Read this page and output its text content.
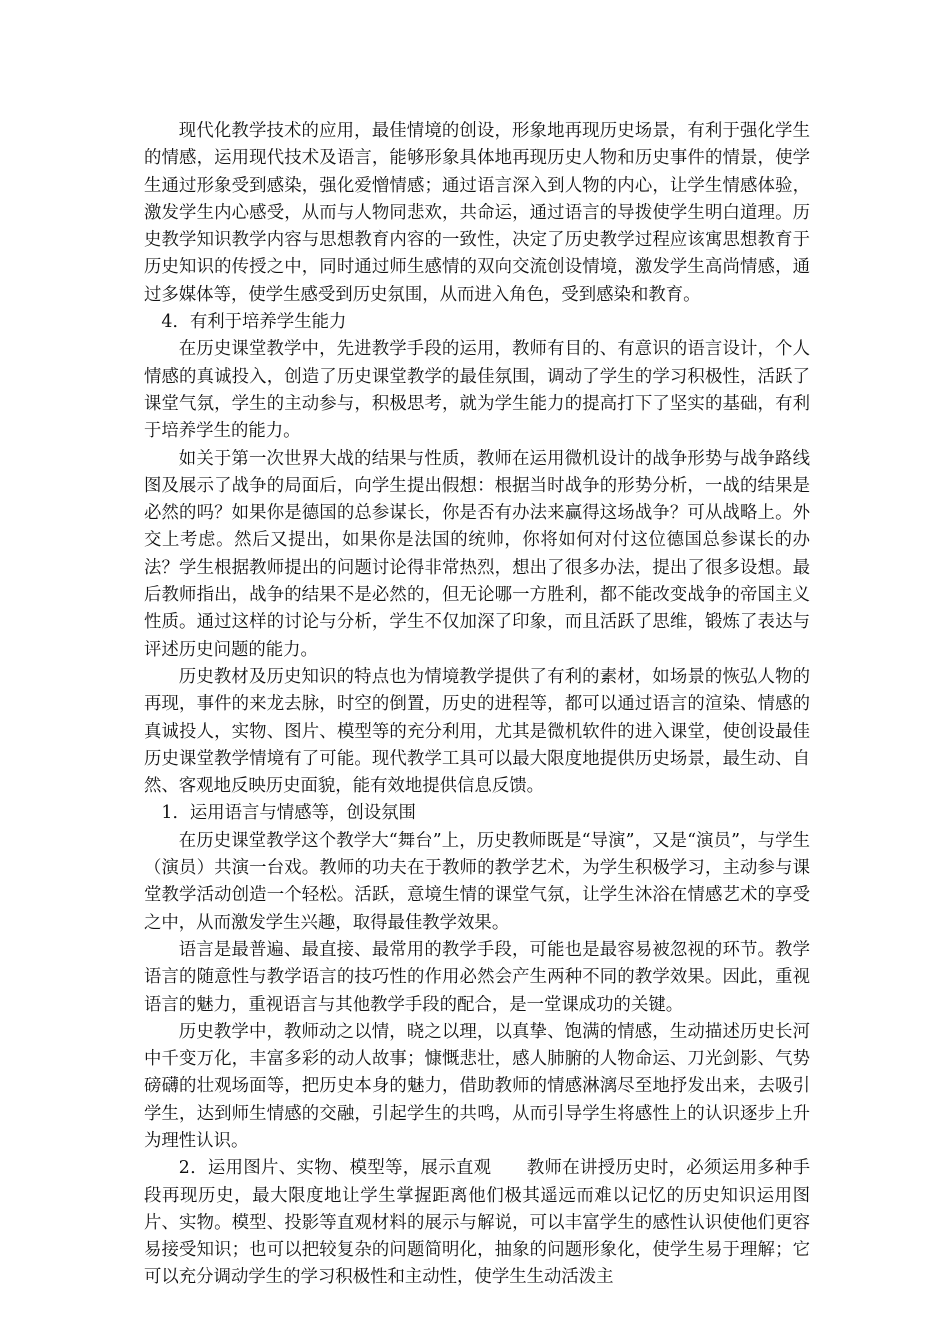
现代化教学技术的应用，最佳情境的创设，形象地再现历史场景，有利于强化学生的情感，运用现代技术及语言，能够形象具体地再现历史人物和历史事件的情景，使学生通过形象受到感染，强化爱憎情感；通过语言深入到人物的内心，让学生情感体验，激发学生内心感受，从而与人物同悲欢，共命运，通过语言的导拨使学生明白道理。历史教学知识教学内容与思想教育内容的一致性，决定了历史教学过程应该寓思想教育于历史知识的传授之中，同时通过师生感情的双向交流创设情境，激发学生高尚情感，通过多媒体等，使学生感受到历史氛围，从而进入角色，受到感染和教育。

4．有利于培养学生能力

在历史课堂教学中，先进教学手段的运用，教师有目的、有意识的语言设计，个人情感的真诚投入，创造了历史课堂教学的最佳氛围，调动了学生的学习积极性，活跃了课堂气氛，学生的主动参与，积极思考，就为学生能力的提高打下了坚实的基础，有利于培养学生的能力。

如关于第一次世界大战的结果与性质，教师在运用微机设计的战争形势与战争路线图及展示了战争的局面后，向学生提出假想：根据当时战争的形势分析，一战的结果是必然的吗？如果你是德国的总参谋长，你是否有办法来赢得这场战争？可从战略上。外交上考虑。然后又提出，如果你是法国的统帅，你将如何对付这位德国总参谋长的办法？学生根据教师提出的问题讨论得非常热烈，想出了很多办法，提出了很多设想。最后教师指出，战争的结果不是必然的，但无论哪一方胜利，都不能改变战争的帝国主义性质。通过这样的讨论与分析，学生不仅加深了印象，而且活跃了思维，锻炼了表达与评述历史问题的能力。

历史教材及历史知识的特点也为情境教学提供了有利的素材，如场景的恢弘人物的再现，事件的来龙去脉，时空的倒置，历史的进程等，都可以通过语言的渲染、情感的真诚投人，实物、图片、模型等的充分利用，尤其是微机软件的进入课堂，使创设最佳历史课堂教学情境有了可能。现代教学工具可以最大限度地提供历史场景，最生动、自然、客观地反映历史面貌，能有效地提供信息反馈。

1．运用语言与情感等，创设氛围

在历史课堂教学这个教学大“舞台”上，历史教师既是“导演”，又是“演员”，与学生（演员）共演一台戏。教师的功夫在于教师的教学艺术，为学生积极学习，主动参与课堂教学活动创造一个轻松。活跃，意境生情的课堂气氛，让学生沐浴在情感艺术的享受之中，从而激发学生兴趣，取得最佳教学效果。

语言是最普遍、最直接、最常用的教学手段，可能也是最容易被忽视的环节。教学语言的随意性与教学语言的技巧性的作用必然会产生两种不同的教学效果。因此，重视语言的魅力，重视语言与其他教学手段的配合，是一堂课成功的关键。

历史教学中，教师动之以情，晓之以理，以真挚、饱满的情感，生动描述历史长河中千变万化，丰富多彩的动人故事；慷慨悲壮，感人肺腑的人物命运、刀光剑影、气势磅礴的壮观场面等，把历史本身的魅力，借助教师的情感淋漓尽至地抒发出来，去吸引学生，达到师生情感的交融，引起学生的共鸣，从而引导学生将感性上的认识逐步上升为理性认识。

2．运用图片、实物、模型等，展示直观　　教师在讲授历史时，必须运用多种手段再现历史，最大限度地让学生掌握距离他们极其遥远而难以记忆的历史知识运用图片、实物。模型、投影等直观材料的展示与解说，可以丰富学生的感性认识使他们更容易接受知识；也可以把较复杂的问题简明化，抽象的问题形象化，使学生易于理解；它可以充分调动学生的学习积极性和主动性，使学生生动活泼主
